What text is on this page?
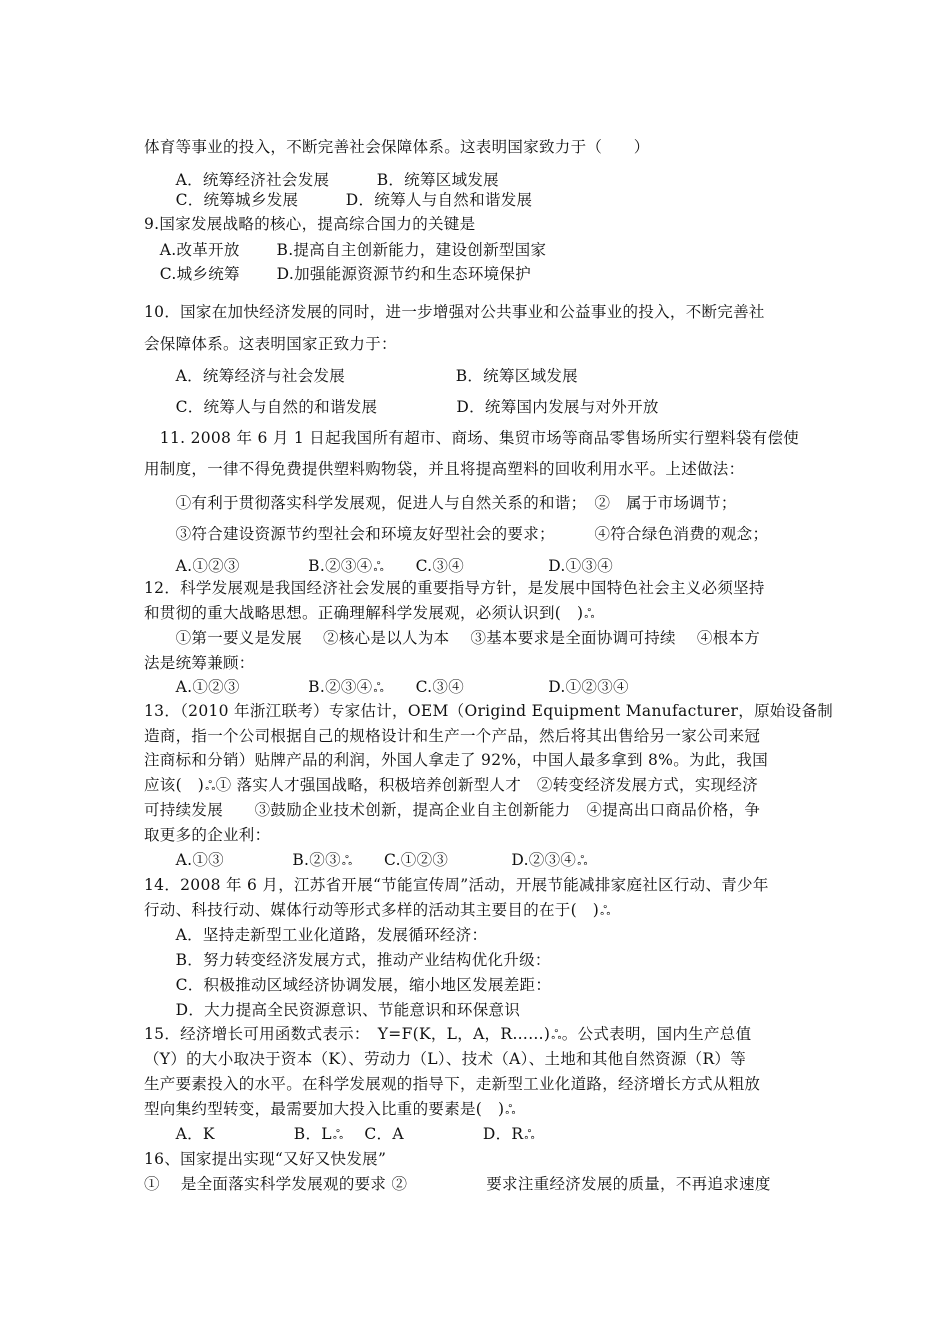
体育等事业的投入，不断完善社会保障体系。这表明国家致力于（　　）
　　A．统筹经济社会发展　　　B．统筹区域发展
　　C．统筹城乡发展　　　D．统筹人与自然和谐发展
9.国家发展战略的核心，提高综合国力的关键是
　A.改革开放　　 B.提高自主创新能力，建设创新型国家
　C.城乡统筹　　 D.加强能源资源节约和生态环境保护
10．国家在加快经济发展的同时，进一步增强对公共事业和公益事业的投入，不断完善社
会保障体系。这表明国家正致力于：
　　A．统筹经济与社会发展　　　　　　　B．统筹区域发展
　　C．统筹人与自然的和谐发展　　　　　D．统筹国内发展与对外开放
　11. 2008 年 6 月 1 日起我国所有超市、商场、集贸市场等商品零售场所实行塑料袋有偿使
用制度，一律不得免费提供塑料购物袋，并且将提高塑料的回收利用水平。上述做法：
　　①有利于贯彻落实科学发展观，促进人与自然关系的和谐；　②　属于市场调节；
　　③符合建设资源节约型社会和环境友好型社会的要求；　　　④符合绿色消费的观念；
　　A.①②③　　　　 B.②③④ஃ　　C.③④　　　　　 D.①③④
12．科学发展观是我国经济社会发展的重要指导方针，是发展中国特色社会主义必须坚持
和贯彻的重大战略思想。正确理解科学发展观，必须认识到(　)ஃ
　　①第一要义是发展　 ②核心是以人为本　 ③基本要求是全面协调可持续　 ④根本方
法是统筹兼顾：
　　A.①②③　　　　 B.②③④ஃ　　C.③④　　　　　 D.①②③④
13．（2010 年浙江联考）专家估计，OEM（Origind Equipment Manufacturer，原始设备制
造商，指一个公司根据自己的规格设计和生产一个产品，然后将其出售给另一家公司来冠
注商标和分销）贴牌产品的利润，外国人拿走了 92%，中国人最多拿到 8%。为此，我国
应该(　)ஃ① 落实人才强国战略，积极培养创新型人才　②转变经济发展方式，实现经济
可持续发展　　③鼓励企业技术创新，提高企业自主创新能力　④提高出口商品价格，争
取更多的企业利：
　　A.①③　　　　 B.②③ஃ　　C.①②③　　　　D.②③④ஃ
14．2008 年 6 月，江苏省开展“节能宣传周”活动，开展节能减排家庭社区行动、青少年
行动、科技行动、媒体行动等形式多样的活动其主要目的在于(　)ஃ
　　A．坚持走新型工业化道路，发展循环经济：
　　B．努力转变经济发展方式，推动产业结构优化升级：
　　C．积极推动区域经济协调发展，缩小地区发展差距：
　　D．大力提高全民资源意识、节能意识和环保意识
15．经济增长可用函数式表示：　Y=F(K，L，A，R……)ஃ。公式表明，国内生产总值
（Y）的大小取决于资本（K）、劳动力（L）、技术（A）、土地和其他自然资源（R）等
生产要素投入的水平。在科学发展观的指导下，走新型工业化道路，经济增长方式从粗放
型向集约型转变，最需要加大投入比重的要素是(　)ஃ
　　A．K　　　　　B．Lஃ　 C．A　　　　　D．Rஃ
16、国家提出实现“又好又快发展”
①　 是全面落实科学发展观的要求 ②　　　　　要求注重经济发展的质量，不再追求速度
